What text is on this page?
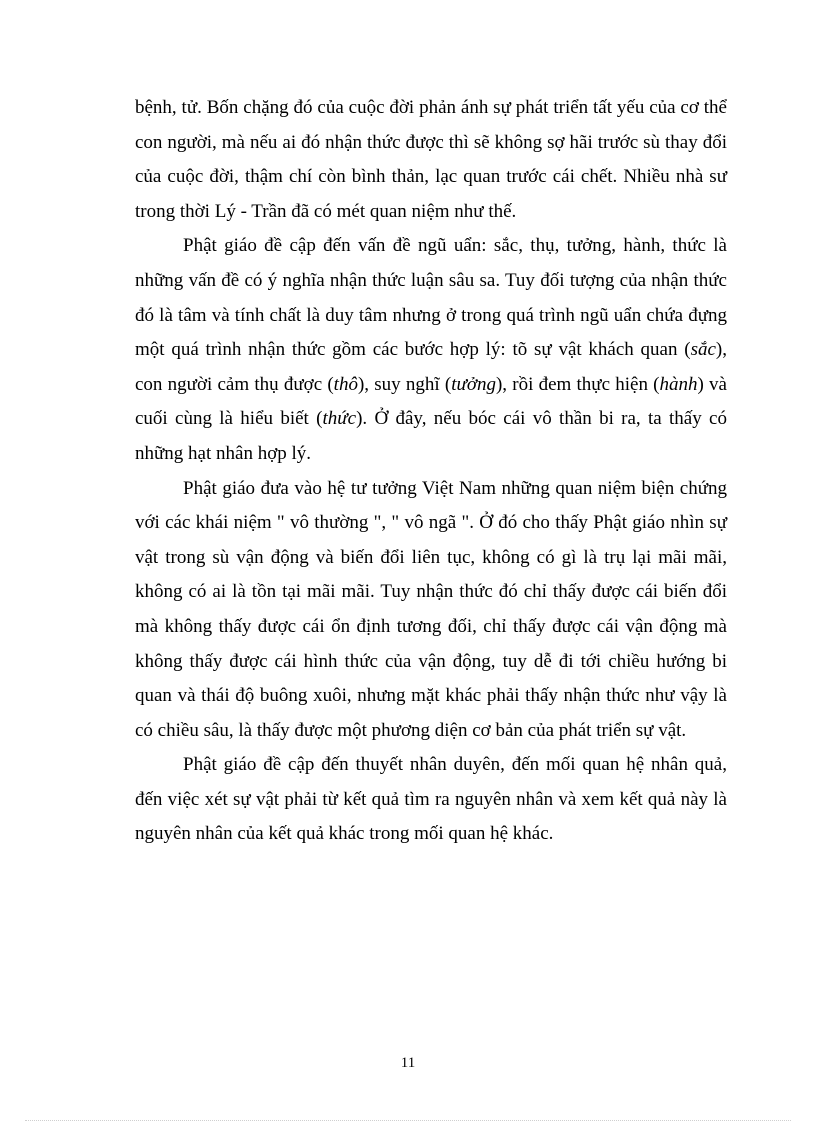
bệnh, tử. Bốn chặng đó của cuộc đời phản ánh sự phát triển tất yếu của cơ thể con người, mà nếu ai đó nhận thức được thì sẽ không sợ hãi trước sù thay đổi của cuộc đời, thậm chí còn bình thản, lạc quan trước cái chết. Nhiều nhà sư trong thời Lý - Trần đã có mét quan niệm như thế.

Phật giáo đề cập đến vấn đề ngũ uẩn: sắc, thụ, tưởng, hành, thức là những vấn đề có ý nghĩa nhận thức luận sâu sa. Tuy đối tượng của nhận thức đó là tâm và tính chất là duy tâm nhưng ở trong quá trình ngũ uẩn chứa đựng một quá trình nhận thức gồm các bước hợp lý: tõ sự vật khách quan (sắc), con người cảm thụ được (thô), suy nghĩ (tưởng), rồi đem thực hiện (hành) và cuối cùng là hiểu biết (thức). Ở đây, nếu bóc cái vô thần bi ra, ta thấy có những hạt nhân hợp lý.

Phật giáo đưa vào hệ tư tưởng Việt Nam những quan niệm biện chứng với các khái niệm " vô thường ", " vô ngã ". Ở đó cho thấy Phật giáo nhìn sự vật trong sù vận động và biến đổi liên tục, không có gì là trụ lại mãi mãi, không có ai là tồn tại mãi mãi. Tuy nhận thức đó chỉ thấy được cái biến đổi mà không thấy được cái ổn định tương đối, chỉ thấy được cái vận động mà không thấy được cái hình thức của vận động, tuy dễ đi tới chiều hướng bi quan và thái độ buông xuôi, nhưng mặt khác phải thấy nhận thức như vậy là có chiều sâu, là thấy được một phương diện cơ bản của phát triển sự vật.

Phật giáo đề cập đến thuyết nhân duyên, đến mối quan hệ nhân quả, đến việc xét sự vật phải từ kết quả tìm ra nguyên nhân và xem kết quả này là nguyên nhân của kết quả khác trong mối quan hệ khác.

11
